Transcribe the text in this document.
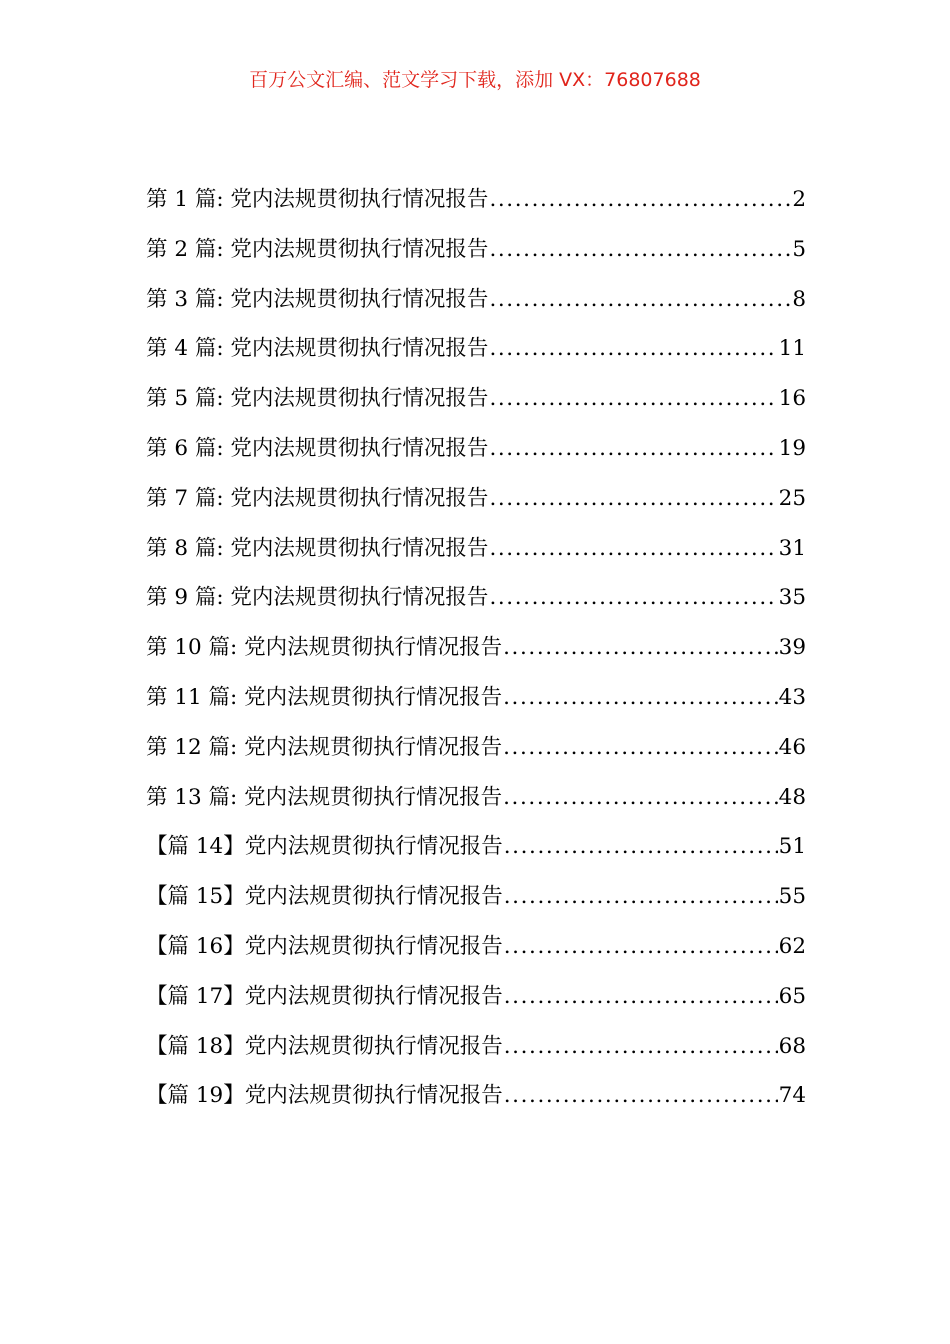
百万公文汇编、范文学习下载，添加 VX：76807688
第 1 篇: 党内法规贯彻执行情况报告 .....	2
第 2 篇: 党内法规贯彻执行情况报告 .....	5
第 3 篇: 党内法规贯彻执行情况报告 .....	8
第 4 篇: 党内法规贯彻执行情况报告 .....	11
第 5 篇: 党内法规贯彻执行情况报告 .....	16
第 6 篇: 党内法规贯彻执行情况报告 .....	19
第 7 篇: 党内法规贯彻执行情况报告 .....	25
第 8 篇: 党内法规贯彻执行情况报告 .....	31
第 9 篇: 党内法规贯彻执行情况报告 .....	35
第 10 篇: 党内法规贯彻执行情况报告 .....	39
第 11 篇: 党内法规贯彻执行情况报告 .....	43
第 12 篇: 党内法规贯彻执行情况报告 .....	46
第 13 篇: 党内法规贯彻执行情况报告 .....	48
【篇 14】党内法规贯彻执行情况报告 .....	51
【篇 15】党内法规贯彻执行情况报告 .....	55
【篇 16】党内法规贯彻执行情况报告 .....	62
【篇 17】党内法规贯彻执行情况报告 .....	65
【篇 18】党内法规贯彻执行情况报告 .....	68
【篇 19】党内法规贯彻执行情况报告 .....	74
